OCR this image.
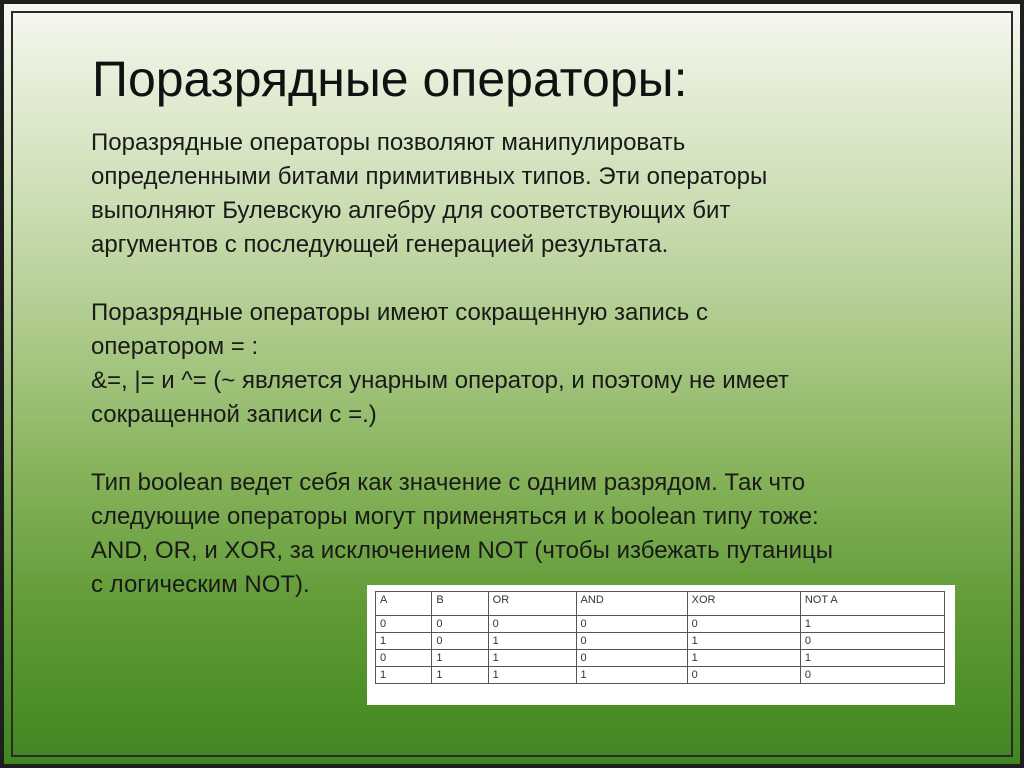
Поразрядные операторы:

Поразрядные операторы позволяют манипулировать
определенными битами примитивных типов. Эти операторы
выполняют Булевскую алгебру для соответствующих бит
аргументов с последующей генерацией результата.

Поразрядные операторы имеют сокращенную запись с
оператором = :
&=, |= и ^= (~ является унарным оператор, и поэтому не имеет
сокращенной записи с =.)

Тип boolean ведет себя как значение с одним разрядом. Так что
следующие операторы могут применяться и к boolean типу тоже:
AND, OR, и XOR, за исключением NOT (чтобы избежать путаницы
с логическим NOT).

A	B	OR	AND	XOR	NOT A
0	0	0	0	0	1
1	0	1	0	1	0
0	1	1	0	1	1
1	1	1	1	0	0
